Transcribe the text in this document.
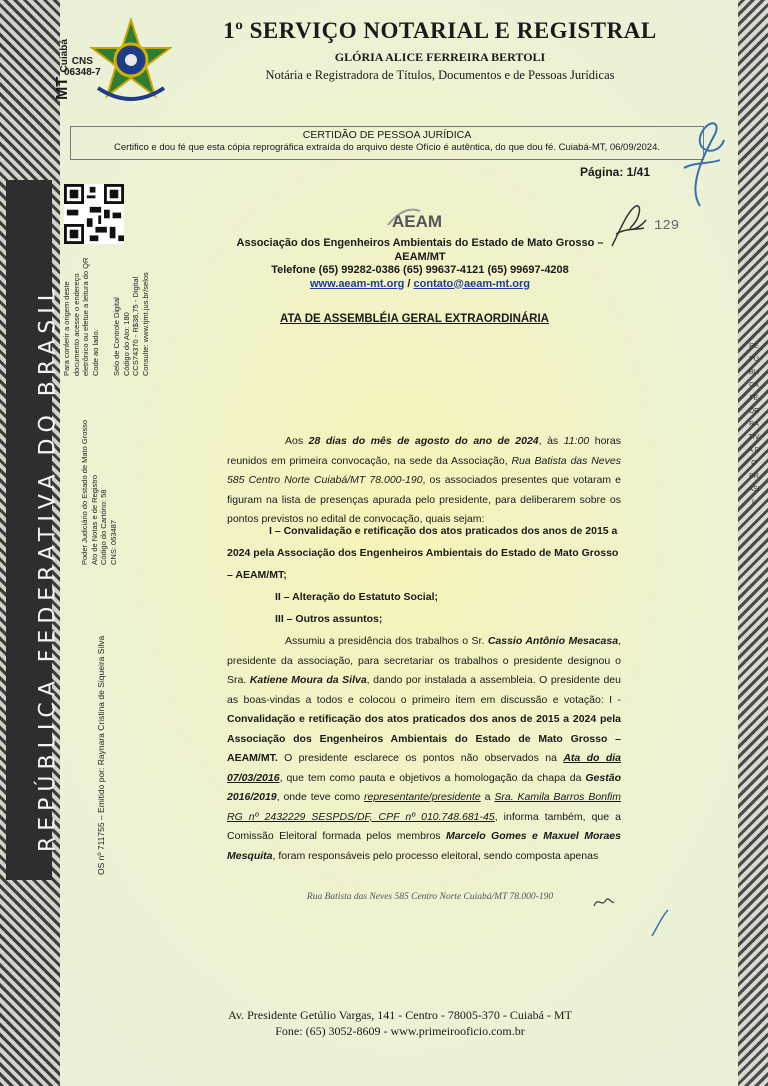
REPÚBLICA FEDERATIVA DO BRASIL	REPÚBLICA FEDERATIVA DO BRASIL
CNS
06348-7
MT Cuiabá
1º SERVIÇO NOTARIAL E REGISTRAL
GLÓRIA ALICE FERREIRA BERTOLI
Notária e Registradora de Títulos, Documentos e de Pessoas Jurídicas
CERTIDÃO DE PESSOA JURÍDICA
Certifico e dou fé que esta cópia reprográfica extraída do arquivo deste Ofício é autêntica, do que dou fé. Cuiabá-MT, 06/09/2024.
Página: 1/41
Para conferir a origem deste documento acesse o endereço eletrônico ou efetue a leitura do QR Code ao lado. Selo de Controle Digital Código do Ato: 180 CCS74370 - R$38,75 - Digital Consulte: www.tjmt.jus.br/selos
Poder Judiciário do Estado de Mato Grosso Ato de Notas e de Registro Código do Cartório: 58 CNS: 063487
OS nº 711755 – Emitido por: Raynara Cristina de Siqueira Silva
AEAM	129
Associação dos Engenheiros Ambientais do Estado de Mato Grosso –
AEAM/MT
Telefone (65) 99282-0386 (65) 99637-4121 (65) 99697-4208
www.aeam-mt.org / contato@aeam-mt.org
ATA DE ASSEMBLÉIA GERAL EXTRAORDINÁRIA
Aos 28 dias do mês de agosto do ano de 2024, às 11:00 horas reunidos em primeira convocação, na sede da Associação, Rua Batista das Neves 585 Centro Norte Cuiabá/MT 78.000-190, os associados presentes que votaram e figuram na lista de presenças apurada pelo presidente, para deliberarem sobre os pontos previstos no edital de convocação, quais sejam:
I – Convalidação e retificação dos atos praticados dos anos de 2015 a 2024 pela Associação dos Engenheiros Ambientais do Estado de Mato Grosso – AEAM/MT;
II – Alteração do Estatuto Social;
III – Outros assuntos;
Assumiu a presidência dos trabalhos o Sr. Cassio Antônio Mesacasa, presidente da associação, para secretariar os trabalhos o presidente designou o Sra. Katiene Moura da Silva, dando por instalada a assembleia. O presidente deu as boas-vindas a todos e colocou o primeiro item em discussão e votação: I - Convalidação e retificação dos atos praticados dos anos de 2015 a 2024 pela Associação dos Engenheiros Ambientais do Estado de Mato Grosso – AEAM/MT. O presidente esclarece os pontos não observados na Ata do dia 07/03/2016, que tem como pauta e objetivos a homologação da chapa da Gestão 2016/2019, onde teve como representante/presidente a Sra. Kamila Barros Bonfim RG nº 2432229 SESPDS/DF, CPF nº 010.748.681-45, informa também, que a Comissão Eleitoral formada pelos membros Marcelo Gomes e Maxuel Moraes Mesquita, foram responsáveis pelo processo eleitoral, sendo composta apenas
Rua Batista das Neves 585 Centro Norte Cuiabá/MT 78.000-190
Av. Presidente Getúlio Vargas, 141 - Centro - 78005-370 - Cuiabá - MT
Fone: (65) 3052-8609 - www.primeirooficio.com.br
